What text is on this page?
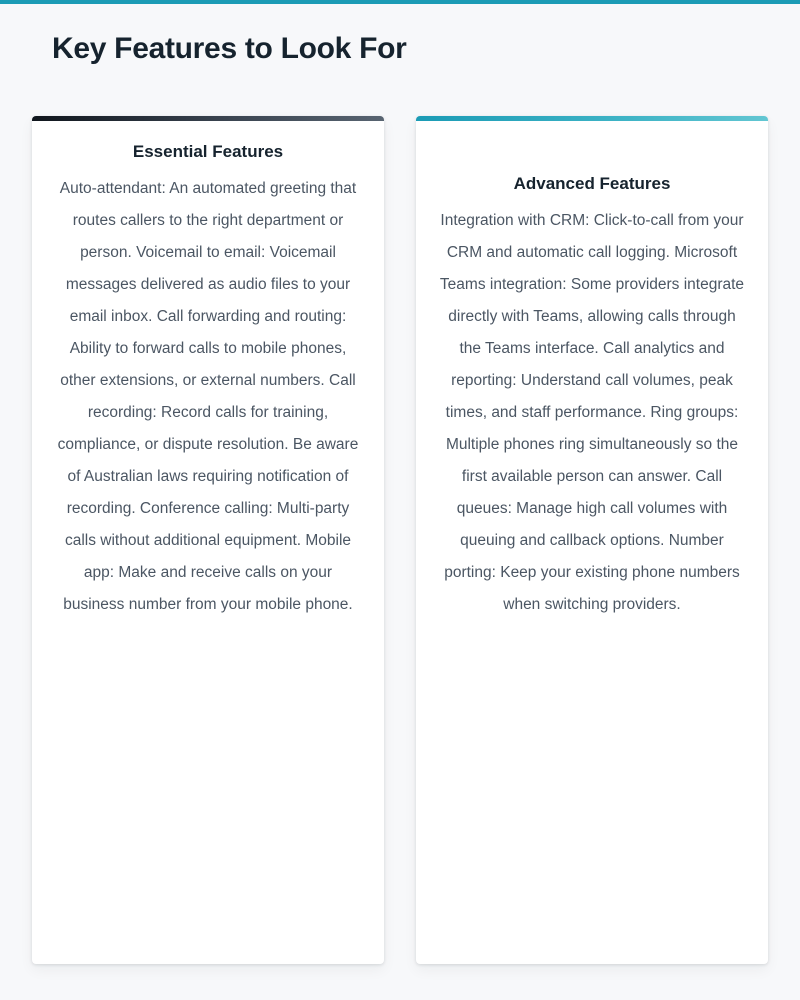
Key Features to Look For
Essential Features

Auto-attendant: An automated greeting that routes callers to the right department or person. Voicemail to email: Voicemail messages delivered as audio files to your email inbox. Call forwarding and routing: Ability to forward calls to mobile phones, other extensions, or external numbers. Call recording: Record calls for training, compliance, or dispute resolution. Be aware of Australian laws requiring notification of recording. Conference calling: Multi-party calls without additional equipment. Mobile app: Make and receive calls on your business number from your mobile phone.

Advanced Features

Integration with CRM: Click-to-call from your CRM and automatic call logging. Microsoft Teams integration: Some providers integrate directly with Teams, allowing calls through the Teams interface. Call analytics and reporting: Understand call volumes, peak times, and staff performance. Ring groups: Multiple phones ring simultaneously so the first available person can answer. Call queues: Manage high call volumes with queuing and callback options. Number porting: Keep your existing phone numbers when switching providers.
